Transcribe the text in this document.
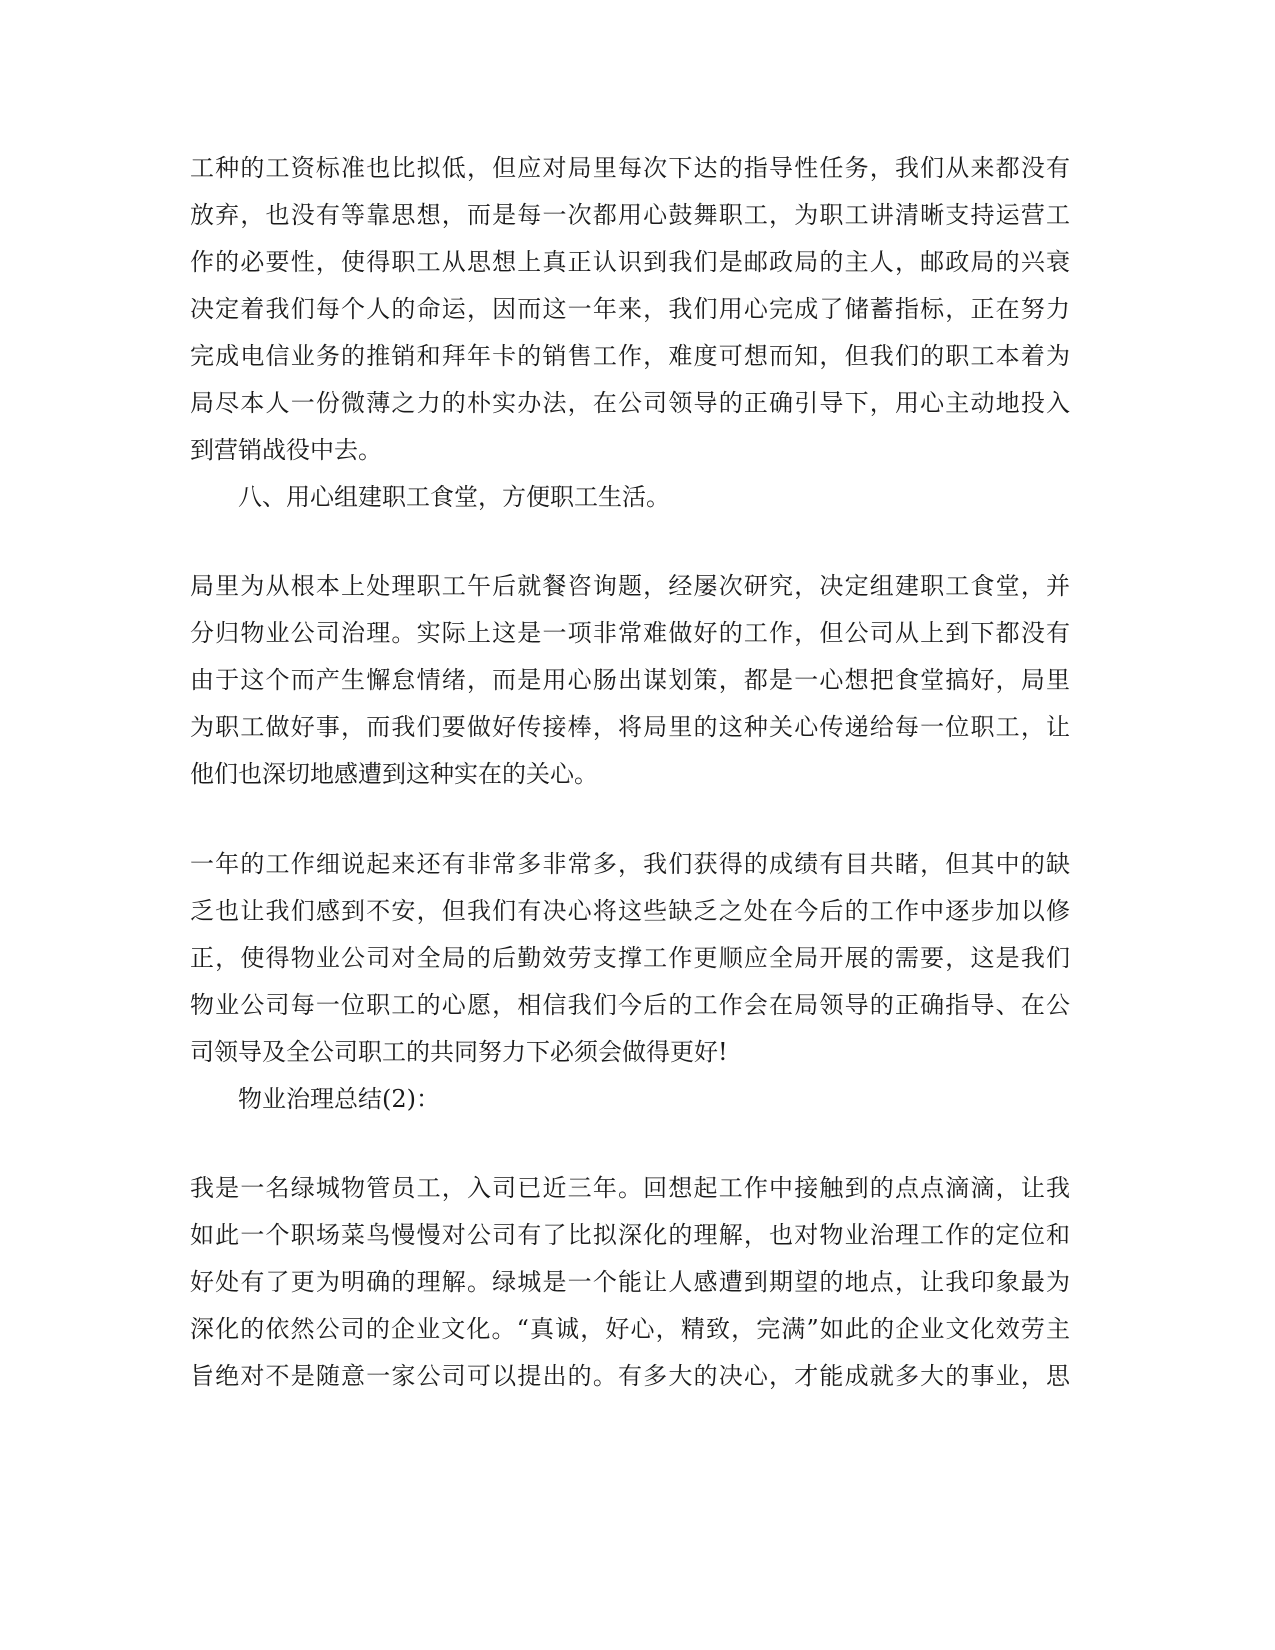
工种的工资标准也比拟低，但应对局里每次下达的指导性任务，我们从来都没有
放弃，也没有等靠思想，而是每一次都用心鼓舞职工，为职工讲清晰支持运营工
作的必要性，使得职工从思想上真正认识到我们是邮政局的主人，邮政局的兴衰
决定着我们每个人的命运，因而这一年来，我们用心完成了储蓄指标，正在努力
完成电信业务的推销和拜年卡的销售工作，难度可想而知，但我们的职工本着为
局尽本人一份微薄之力的朴实办法，在公司领导的正确引导下，用心主动地投入
到营销战役中去。
八、用心组建职工食堂，方便职工生活。
局里为从根本上处理职工午后就餐咨询题，经屡次研究，决定组建职工食堂，并
分归物业公司治理。实际上这是一项非常难做好的工作，但公司从上到下都没有
由于这个而产生懈怠情绪，而是用心肠出谋划策，都是一心想把食堂搞好，局里
为职工做好事，而我们要做好传接棒，将局里的这种关心传递给每一位职工，让
他们也深切地感遭到这种实在的关心。
一年的工作细说起来还有非常多非常多，我们获得的成绩有目共睹，但其中的缺
乏也让我们感到不安，但我们有决心将这些缺乏之处在今后的工作中逐步加以修
正，使得物业公司对全局的后勤效劳支撑工作更顺应全局开展的需要，这是我们
物业公司每一位职工的心愿，相信我们今后的工作会在局领导的正确指导、在公
司领导及全公司职工的共同努力下必须会做得更好!
物业治理总结(2)：
我是一名绿城物管员工，入司已近三年。回想起工作中接触到的点点滴滴，让我
如此一个职场菜鸟慢慢对公司有了比拟深化的理解，也对物业治理工作的定位和
好处有了更为明确的理解。绿城是一个能让人感遭到期望的地点，让我印象最为
深化的依然公司的企业文化。“真诚，好心，精致，完满”如此的企业文化效劳主
旨绝对不是随意一家公司可以提出的。有多大的决心，才能成就多大的事业，思
